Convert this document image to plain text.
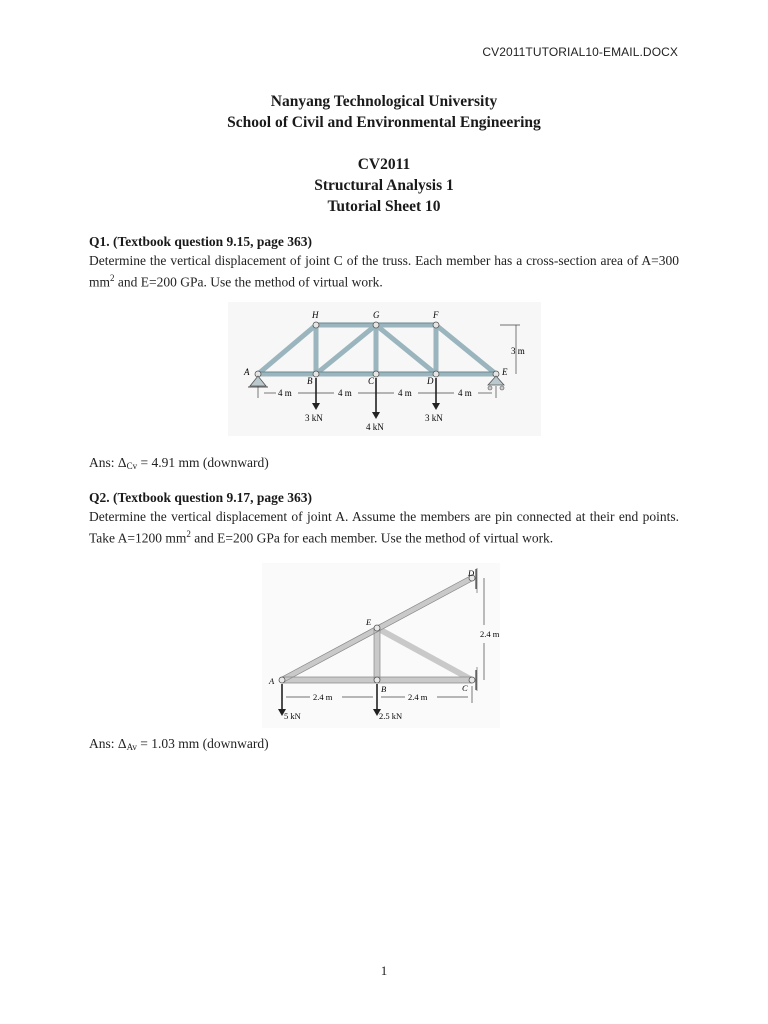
CV2011TUTORIAL10-EMAIL.DOCX
Nanyang Technological University
School of Civil and Environmental Engineering
CV2011
Structural Analysis 1
Tutorial Sheet 10
Q1. (Textbook question 9.15, page 363)
Determine the vertical displacement of joint C of the truss. Each member has a cross-section area of A=300 $mm^2$ and E=200 GPa. Use the method of virtual work.
3 m
4 m	4 m	4 m	4 m
3 kN
4 kN
3 kN
H	G	F
A
B	C	D
E
Ans: $\Delta_{Cv} = 4.91$ mm (downward)
Q2. (Textbook question 9.17, page 363)
Determine the vertical displacement of joint A. Assume the members are pin connected at their end points. Take A=1200 $mm^2$ and E=200 GPa for each member. Use the method of virtual work.
2.4 m
2.4 m	2.4 m
5 kN	2.5 kN
D
E
A
B	C
Ans: $\Delta_{Av} = 1.03$ mm (downward)
1
